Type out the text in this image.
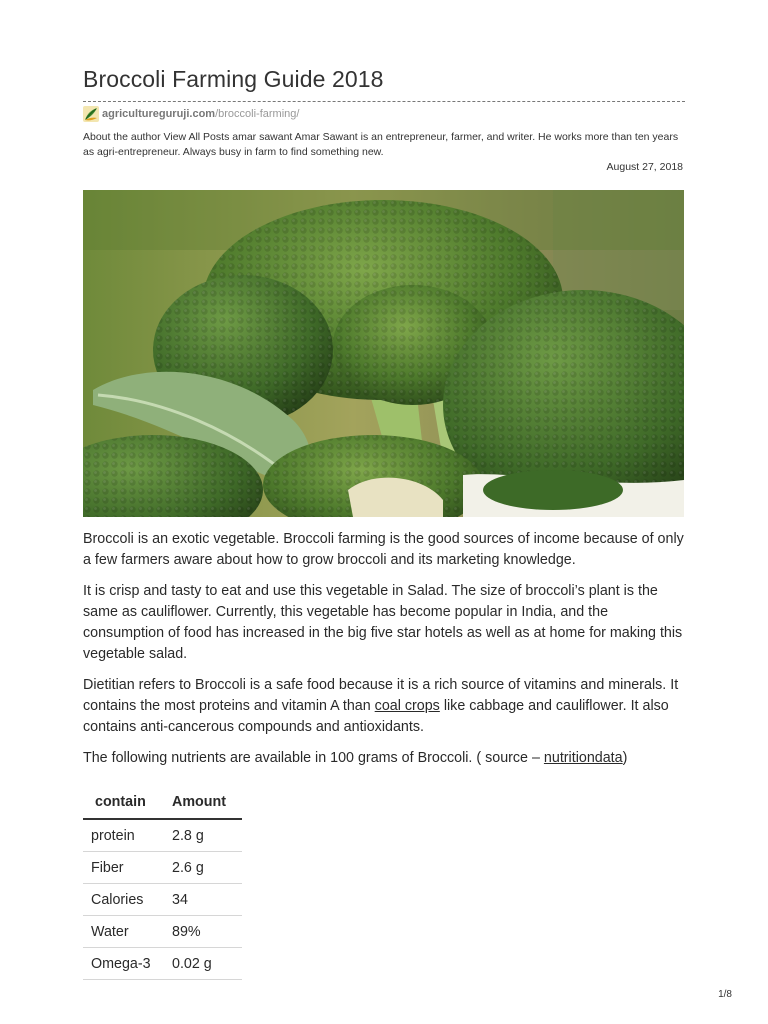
Broccoli Farming Guide 2018
agricultureguruji.com /broccoli-farming/

About the author View All Posts amar sawant Amar Sawant is an entrepreneur, farmer, and writer. He works more than ten years as agri-entrepreneur. Always busy in farm to find something new.

August 27, 2018

Broccoli is an exotic vegetable. Broccoli farming is the good sources of income because of only a few farmers aware about how to grow broccoli and its marketing knowledge.

It is crisp and tasty to eat and use this vegetable in Salad. The size of broccoli’s plant is the same as cauliflower. Currently, this vegetable has become popular in India, and the consumption of food has increased in the big five star hotels as well as at home for making this vegetable salad.

Dietitian refers to Broccoli is a safe food because it is a rich source of vitamins and minerals. It contains the most proteins and vitamin A than coal crops like cabbage and cauliflower. It also contains anti-cancerous compounds and antioxidants.

The following nutrients are available in 100 grams of Broccoli. ( source – nutritiondata)

contain	Amount
protein	2.8 g
Fiber	2.6 g
Calories	34
Water	89%
Omega-3	0.02 g
1/8
